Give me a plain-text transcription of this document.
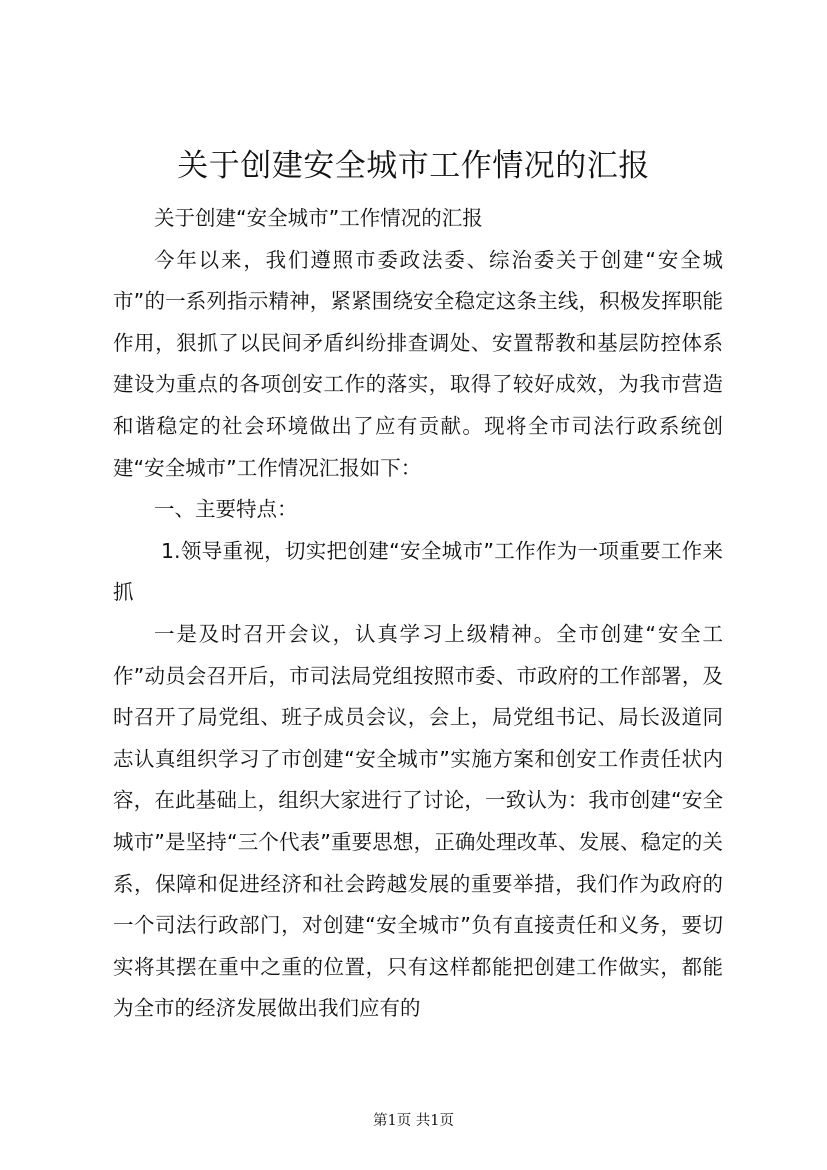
关于创建安全城市工作情况的汇报

关于创建“安全城市”工作情况的汇报

今年以来，我们遵照市委政法委、综治委关于创建“安全城市”的一系列指示精神，紧紧围绕安全稳定这条主线，积极发挥职能作用，狠抓了以民间矛盾纠纷排查调处、安置帮教和基层防控体系建设为重点的各项创安工作的落实，取得了较好成效，为我市营造和谐稳定的社会环境做出了应有贡献。现将全市司法行政系统创建“安全城市”工作情况汇报如下：

一、主要特点：

1.领导重视，切实把创建“安全城市”工作作为一项重要工作来抓

一是及时召开会议，认真学习上级精神。全市创建“安全工作”动员会召开后，市司法局党组按照市委、市政府的工作部署，及时召开了局党组、班子成员会议，会上，局党组书记、局长汲道同志认真组织学习了市创建“安全城市”实施方案和创安工作责任状内容，在此基础上，组织大家进行了讨论，一致认为：我市创建“安全城市”是坚持“三个代表”重要思想，正确处理改革、发展、稳定的关系，保障和促进经济和社会跨越发展的重要举措，我们作为政府的一个司法行政部门，对创建“安全城市”负有直接责任和义务，要切实将其摆在重中之重的位置，只有这样都能把创建工作做实，都能为全市的经济发展做出我们应有的

第1页 共1页
